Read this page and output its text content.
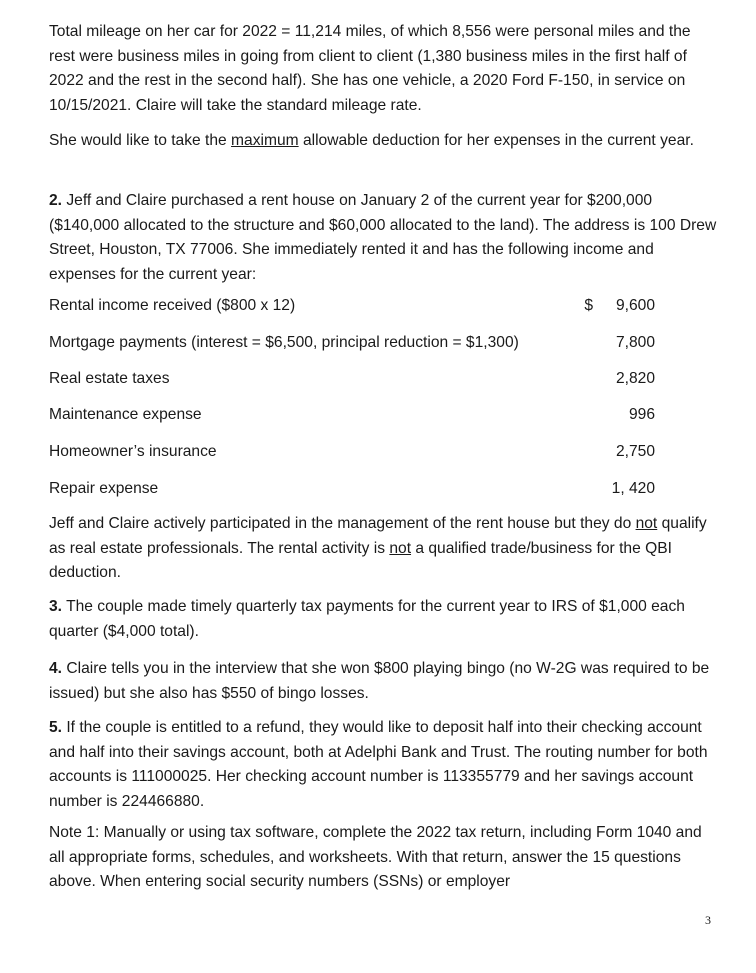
Total mileage on her car for 2022 = 11,214 miles, of which 8,556 were personal miles and the rest were business miles in going from client to client (1,380 business miles in the first half of 2022 and the rest in the second half). She has one vehicle, a 2020 Ford F-150, in service on 10/15/2021. Claire will take the standard mileage rate.

She would like to take the maximum allowable deduction for her expenses in the current year.

2. Jeff and Claire purchased a rent house on January 2 of the current year for $200,000 ($140,000 allocated to the structure and $60,000 allocated to the land). The address is 100 Drew Street, Houston, TX 77006. She immediately rented it and has the following income and expenses for the current year:

Rental income received ($800 x 12)	$ 9,600
Mortgage payments (interest = $6,500, principal reduction = $1,300)	7,800
Real estate taxes	2,820
Maintenance expense	996
Homeowner’s insurance	2,750
Repair expense	1, 420

Jeff and Claire actively participated in the management of the rent house but they do not qualify as real estate professionals. The rental activity is not a qualified trade/business for the QBI deduction.

3. The couple made timely quarterly tax payments for the current year to IRS of $1,000 each quarter ($4,000 total).

4. Claire tells you in the interview that she won $800 playing bingo (no W-2G was required to be issued) but she also has $550 of bingo losses.

5. If the couple is entitled to a refund, they would like to deposit half into their checking account and half into their savings account, both at Adelphi Bank and Trust. The routing number for both accounts is 111000025. Her checking account number is 113355779 and her savings account number is 224466880.

Note 1: Manually or using tax software, complete the 2022 tax return, including Form 1040 and all appropriate forms, schedules, and worksheets. With that return, answer the 15 questions above. When entering social security numbers (SSNs) or employer

3
